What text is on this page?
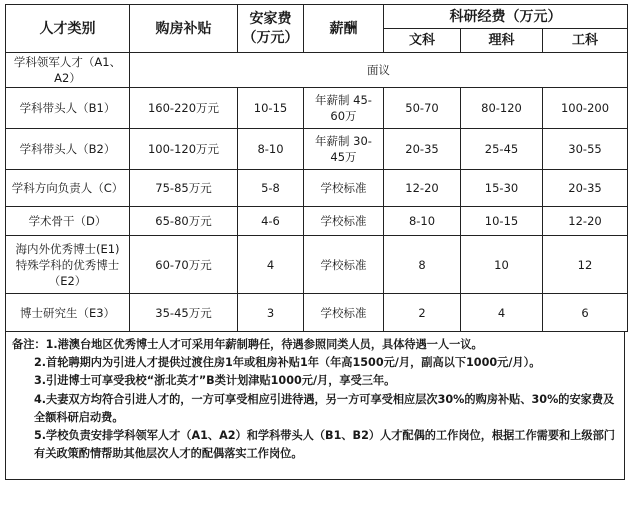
人才类别	购房补贴	安家费（万元）	薪酬	科研经费（万元）		
				文科	理科	工科
学科领军人才（A1、A2）	面议					
学科带头人（B1）	160-220万元	10-15	年薪制 45-60万	50-70	80-120	100-200
学科带头人（B2）	100-120万元	8-10	年薪制 30-45万	20-35	25-45	30-55
学科方向负责人（C）	75-85万元	5-8	学校标准	12-20	15-30	20-35
学术骨干（D）	65-80万元	4-6	学校标准	8-10	10-15	12-20
海内外优秀博士(E1)特殊学科的优秀博士（E2）	60-70万元	4	学校标准	8	10	12
博士研究生（E3）	35-45万元	3	学校标准	2	4	6
备注：1.港澳台地区优秀博士人才可采用年薪制聘任，待遇参照同类人员，具体待遇一人一议。
2.首轮聘期内为引进人才提供过渡住房1年或租房补贴1年（年高1500元/月，副高以下1000元/月）。
3.引进博士可享受我校“浙北英才”B类计划津贴1000元/月，享受三年。
4.夫妻双方均符合引进人才的，一方可享受相应引进待遇，另一方可享受相应层次30%的购房补贴、30%的安家费及全额科研启动费。
5.学校负责安排学科领军人才（A1、A2）和学科带头人（B1、B2）人才配偶的工作岗位，根据工作需要和上级部门有关政策酌情帮助其他层次人才的配偶落实工作岗位。
